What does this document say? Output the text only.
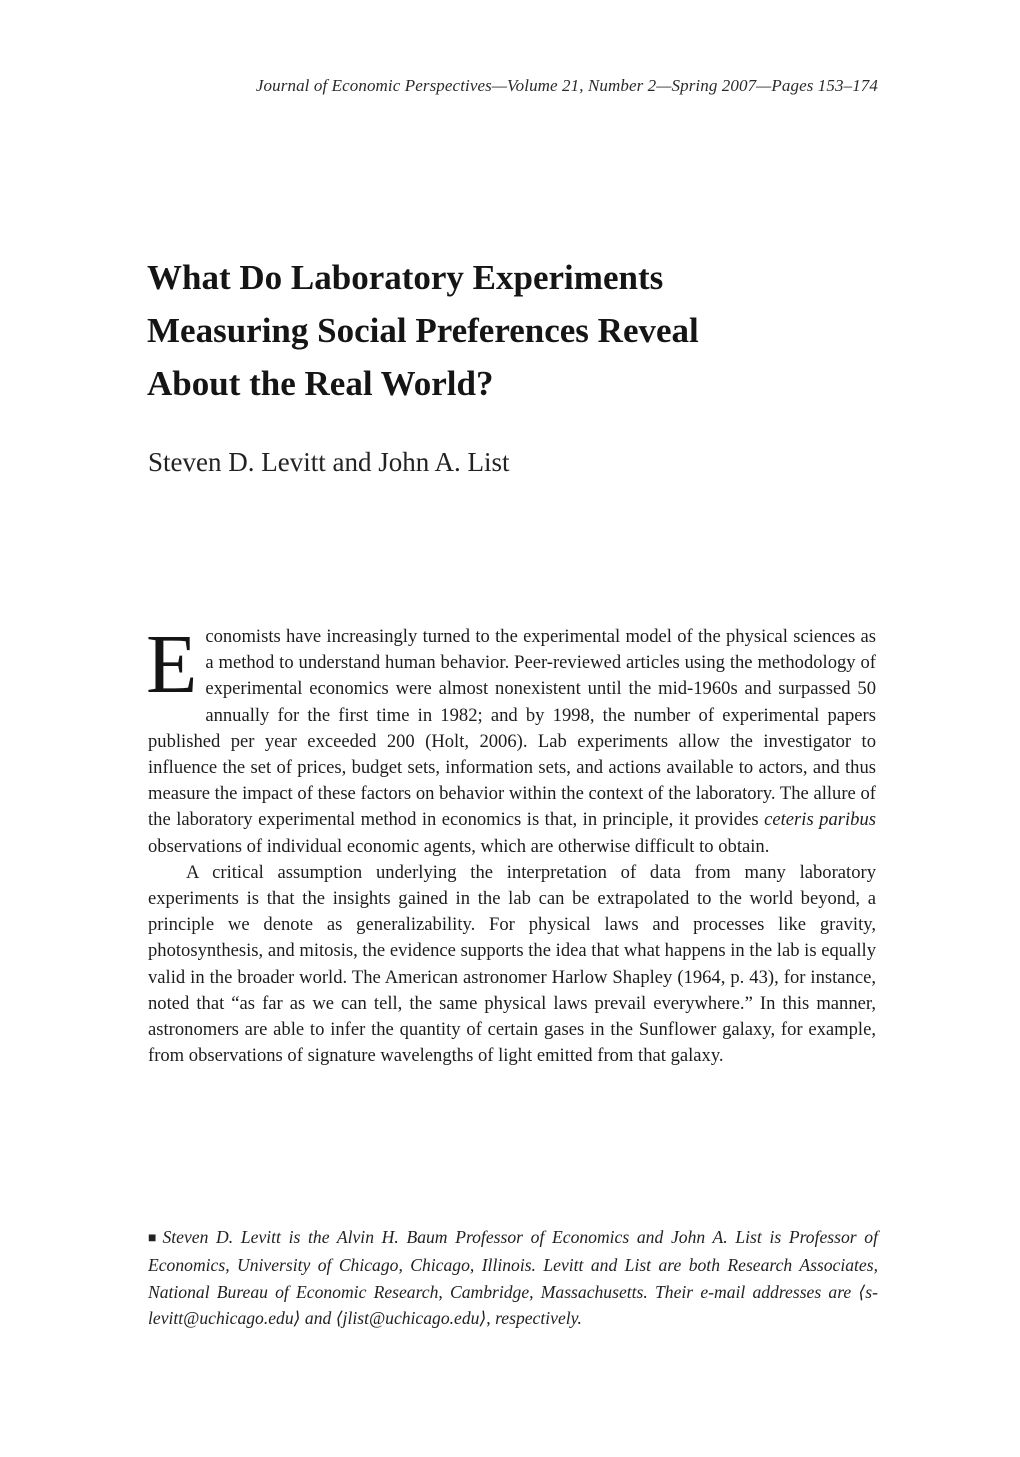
Journal of Economic Perspectives—Volume 21, Number 2—Spring 2007—Pages 153–174
What Do Laboratory Experiments
Measuring Social Preferences Reveal
About the Real World?
Steven D. Levitt and John A. List

Economists have increasingly turned to the experimental model of the physical sciences as a method to understand human behavior. Peer-reviewed articles using the methodology of experimental economics were almost nonexistent until the mid-1960s and surpassed 50 annually for the first time in 1982; and by 1998, the number of experimental papers published per year exceeded 200 (Holt, 2006). Lab experiments allow the investigator to influence the set of prices, budget sets, information sets, and actions available to actors, and thus measure the impact of these factors on behavior within the context of the laboratory. The allure of the laboratory experimental method in economics is that, in principle, it provides ceteris paribus observations of individual economic agents, which are otherwise difficult to obtain.

A critical assumption underlying the interpretation of data from many laboratory experiments is that the insights gained in the lab can be extrapolated to the world beyond, a principle we denote as generalizability. For physical laws and processes like gravity, photosynthesis, and mitosis, the evidence supports the idea that what happens in the lab is equally valid in the broader world. The American astronomer Harlow Shapley (1964, p. 43), for instance, noted that “as far as we can tell, the same physical laws prevail everywhere.” In this manner, astronomers are able to infer the quantity of certain gases in the Sunflower galaxy, for example, from observations of signature wavelengths of light emitted from that galaxy.

■ Steven D. Levitt is the Alvin H. Baum Professor of Economics and John A. List is Professor of Economics, University of Chicago, Chicago, Illinois. Levitt and List are both Research Associates, National Bureau of Economic Research, Cambridge, Massachusetts. Their e-mail addresses are ⟨s-levitt@uchicago.edu⟩ and ⟨jlist@uchicago.edu⟩, respectively.
